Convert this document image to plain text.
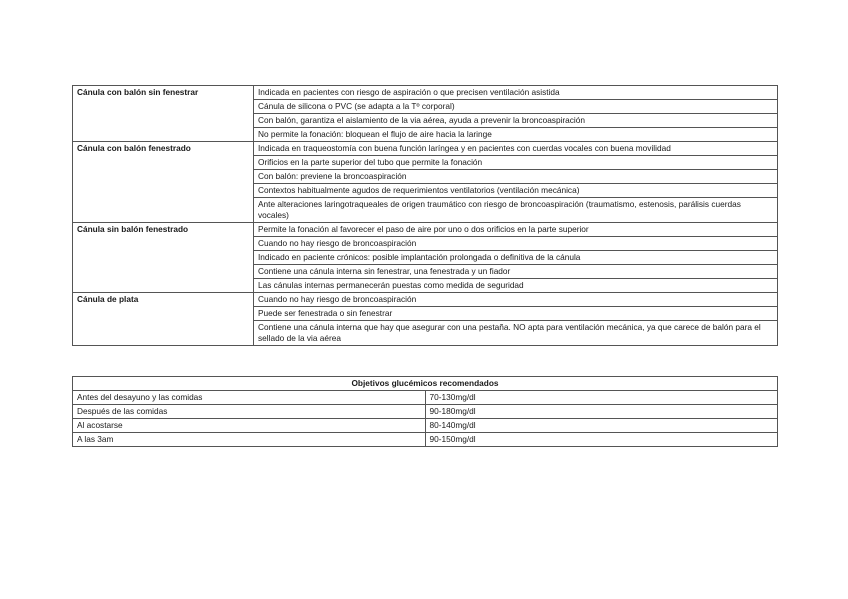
Cánula con balón sin fenestrar	Indicada en pacientes con riesgo de aspiración o que precisen ventilación asistida
	Cánula de silicona o PVC (se adapta a la Tº corporal)
	Con balón, garantiza el aislamiento de la via aérea, ayuda a prevenir la broncoaspiración
	No permite la fonación: bloquean el flujo de aire hacia la laringe
Cánula con balón fenestrado	Indicada en traqueostomía con buena función laríngea y en pacientes con cuerdas vocales con buena movilidad
	Orificios en la parte superior del tubo que permite la fonación
	Con balón: previene la broncoaspiración
	Contextos habitualmente agudos de requerimientos ventilatorios (ventilación mecánica)
	Ante alteraciones laringotraqueales de origen traumático con riesgo de broncoaspiración (traumatismo, estenosis, parálisis cuerdas vocales)
Cánula sin balón fenestrado	Permite la fonación al favorecer el paso de aire por uno o dos orificios en la parte superior
	Cuando no hay riesgo de broncoaspiración
	Indicado en paciente crónicos: posible implantación prolongada o definitiva de la cánula
	Contiene una cánula interna sin fenestrar, una fenestrada y un fiador
	Las cánulas internas permanecerán puestas como medida de seguridad
Cánula de plata	Cuando no hay riesgo de broncoaspiración
	Puede ser fenestrada o sin fenestrar
	Contiene una cánula interna que hay que asegurar con una pestaña. NO apta para ventilación mecánica, ya que carece de balón para el sellado de la via aérea
Objetivos glucémicos recomendados	
Antes del desayuno y las comidas	70-130mg/dl
Después de las comidas	90-180mg/dl
Al acostarse	80-140mg/dl
A las 3am	90-150mg/dl
